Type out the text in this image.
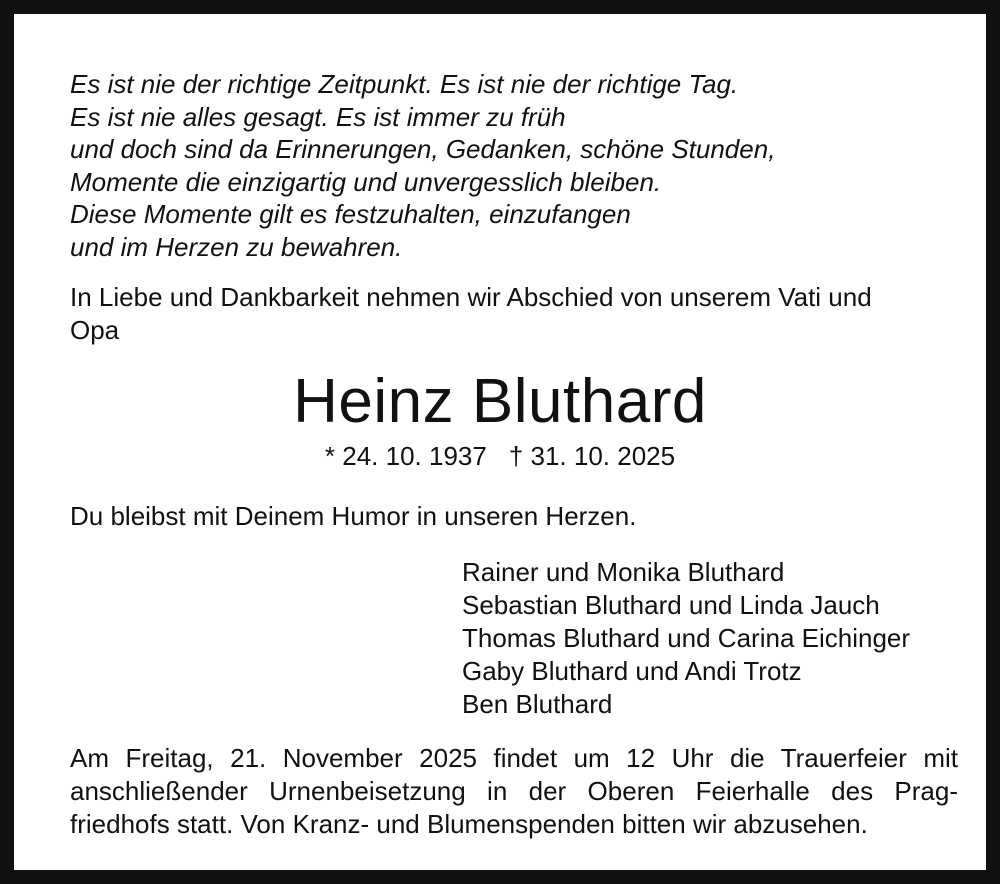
Es ist nie der richtige Zeitpunkt. Es ist nie der richtige Tag.
Es ist nie alles gesagt. Es ist immer zu früh
und doch sind da Erinnerungen, Gedanken, schöne Stunden,
Momente die einzigartig und unvergesslich bleiben.
Diese Momente gilt es festzuhalten, einzufangen
und im Herzen zu bewahren.
In Liebe und Dankbarkeit nehmen wir Abschied von unserem Vati und Opa
Heinz Bluthard
* 24. 10. 1937 † 31. 10. 2025
Du bleibst mit Deinem Humor in unseren Herzen.
Rainer und Monika Bluthard
Sebastian Bluthard und Linda Jauch
Thomas Bluthard und Carina Eichinger
Gaby Bluthard und Andi Trotz
Ben Bluthard
Am Freitag, 21. November 2025 findet um 12 Uhr die Trauerfeier mit
anschließender Urnenbeisetzung in der Oberen Feierhalle des Prag-
friedhofs statt. Von Kranz- und Blumenspenden bitten wir abzusehen.
